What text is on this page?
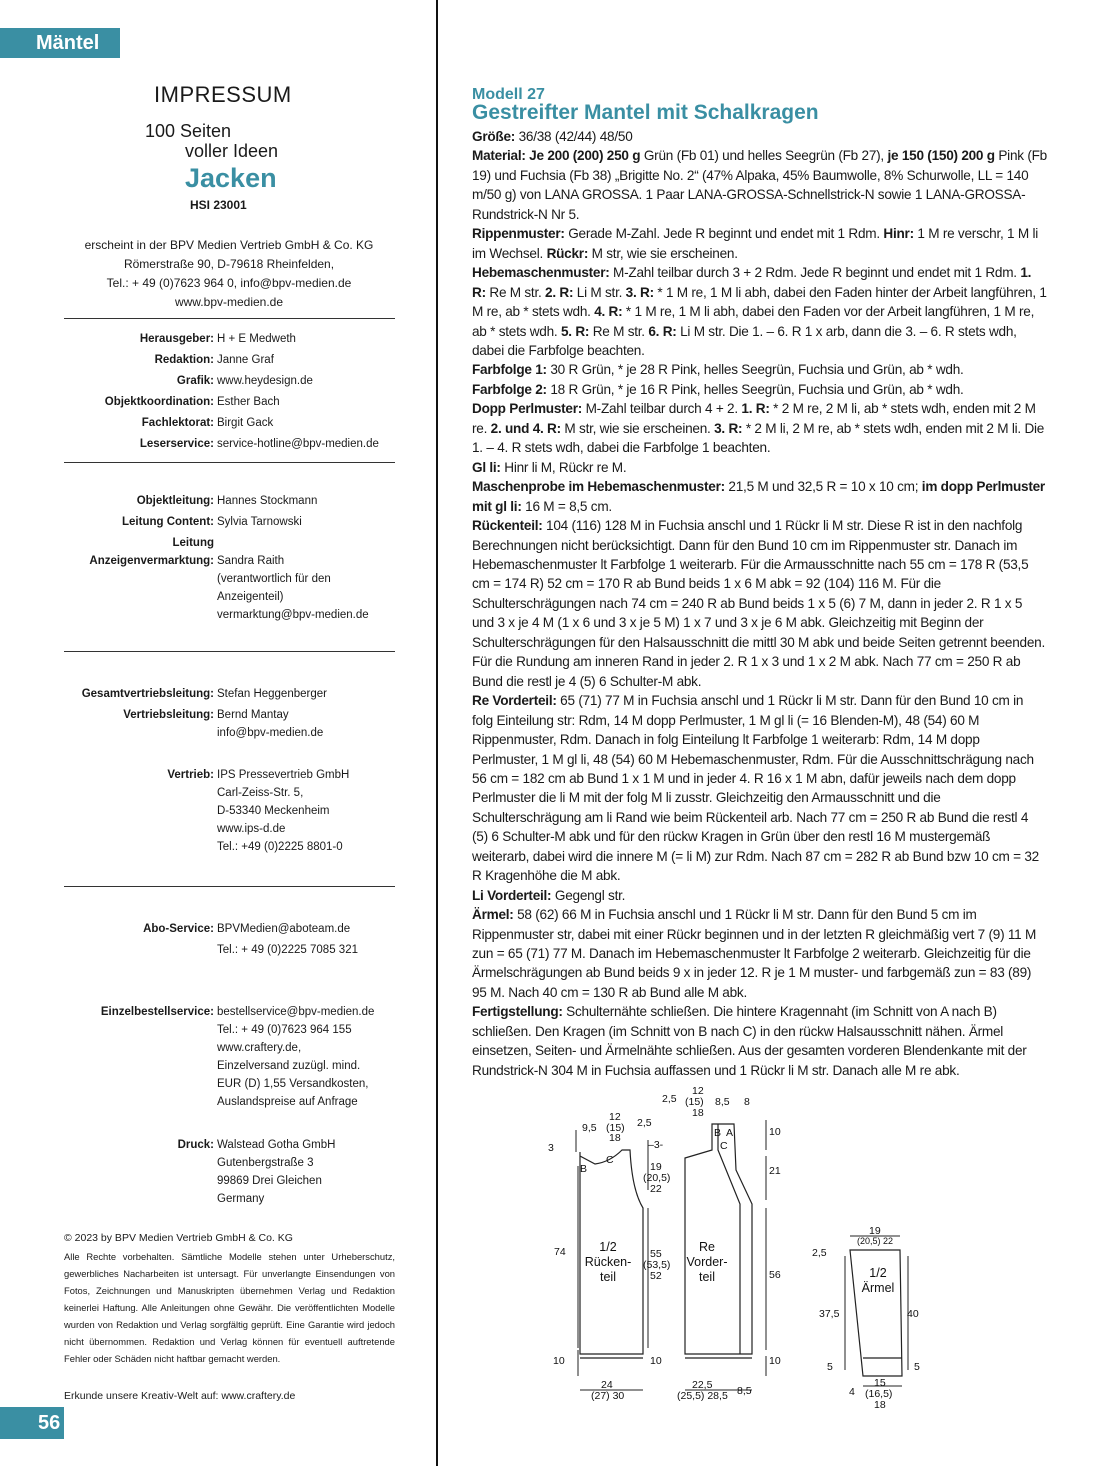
Mäntel
IMPRESSUM
100 Seiten
voller Ideen
Jacken
HSI 23001
erscheint in der BPV Medien Vertrieb GmbH & Co. KG
Römerstraße 90, D-79618 Rheinfelden,
Tel.: + 49 (0)7623 964 0, info@bpv-medien.de
www.bpv-medien.de
Herausgeber: H + E Medweth
Redaktion: Janne Graf
Grafik: www.heydesign.de
Objektkoordination: Esther Bach
Fachlektorat: Birgit Gack
Leserservice: service-hotline@bpv-medien.de
Objektleitung: Hannes Stockmann
Leitung Content: Sylvia Tarnowski
Leitung
Anzeigenvermarktung: Sandra Raith
(verantwortlich für den
Anzeigenteil)
vermarktung@bpv-medien.de
Gesamtvertriebsleitung: Stefan Heggenberger
Vertriebsleitung: Bernd Mantay
info@bpv-medien.de
Vertrieb: IPS Pressevertrieb GmbH
Carl-Zeiss-Str. 5,
D-53340 Meckenheim
www.ips-d.de
Tel.: +49 (0)2225 8801-0
Abo-Service: BPVMedien@aboteam.de
Tel.: + 49 (0)2225 7085 321
Einzelbestellservice: bestellservice@bpv-medien.de
Tel.: + 49 (0)7623 964 155
www.craftery.de,
Einzelversand zuzügl. mind.
EUR (D) 1,55 Versandkosten,
Auslandspreise auf Anfrage
Druck: Walstead Gotha GmbH
Gutenbergstraße 3
99869 Drei Gleichen
Germany
© 2023 by BPV Medien Vertrieb GmbH & Co. KG
Alle Rechte vorbehalten. Sämtliche Modelle stehen unter Urheberschutz, gewerbliches Nacharbeiten ist untersagt. Für unverlangte Einsendungen von Fotos, Zeichnungen und Manuskripten übernehmen Verlag und Redaktion keinerlei Haftung. Alle Anleitungen ohne Gewähr. Die veröffentlichten Modelle wurden von Redaktion und Verlag sorgfältig geprüft. Eine Garantie wird jedoch nicht übernommen. Redaktion und Verlag können für eventuell auftretende Fehler oder Schäden nicht haftbar gemacht werden.
Erkunde unsere Kreativ-Welt auf: www.craftery.de
56
Modell 27
Gestreifter Mantel mit Schalkragen

Größe: 36/38 (42/44) 48/50

Material: Je 200 (200) 250 g Grün (Fb 01) und helles Seegrün (Fb 27), je 150 (150) 200 g Pink (Fb 19) und Fuchsia (Fb 38) „Brigitte No. 2“ (47% Alpaka, 45% Baumwolle, 8% Schurwolle, LL = 140 m/50 g) von LANA GROSSA. 1 Paar LANA-GROSSA-Schnellstrick-N sowie 1 LANA-GROSSA-Rundstrick-N Nr 5.

Rippenmuster: Gerade M-Zahl. Jede R beginnt und endet mit 1 Rdm. Hinr: 1 M re verschr, 1 M li im Wechsel. Rückr: M str, wie sie erscheinen.

Hebemaschenmuster: M-Zahl teilbar durch 3 + 2 Rdm. Jede R beginnt und endet mit 1 Rdm. 1. R: Re M str. 2. R: Li M str. 3. R: * 1 M re, 1 M li abh, dabei den Faden hinter der Arbeit langführen, 1 M re, ab * stets wdh. 4. R: * 1 M re, 1 M li abh, dabei den Faden vor der Arbeit langführen, 1 M re, ab * stets wdh. 5. R: Re M str. 6. R: Li M str. Die 1. – 6. R 1 x arb, dann die 3. – 6. R stets wdh, dabei die Farbfolge beachten.

Farbfolge 1: 30 R Grün, * je 28 R Pink, helles Seegrün, Fuchsia und Grün, ab * wdh.

Farbfolge 2: 18 R Grün, * je 16 R Pink, helles Seegrün, Fuchsia und Grün, ab * wdh.

Dopp Perlmuster: M-Zahl teilbar durch 4 + 2. 1. R: * 2 M re, 2 M li, ab * stets wdh, enden mit 2 M re. 2. und 4. R: M str, wie sie erscheinen. 3. R: * 2 M li, 2 M re, ab * stets wdh, enden mit 2 M li. Die 1. – 4. R stets wdh, dabei die Farbfolge 1 beachten.

Gl li: Hinr li M, Rückr re M.

Maschenprobe im Hebemaschenmuster: 21,5 M und 32,5 R = 10 x 10 cm; im dopp Perlmuster mit gl li: 16 M = 8,5 cm.

Rückenteil: 104 (116) 128 M in Fuchsia anschl und 1 Rückr li M str. Diese R ist in den nachfolg Berechnungen nicht berücksichtigt. Dann für den Bund 10 cm im Rippenmuster str. Danach im Hebemaschenmuster lt Farbfolge 1 weiterarb. Für die Armausschnitte nach 55 cm = 178 R (53,5 cm = 174 R) 52 cm = 170 R ab Bund beids 1 x 6 M abk = 92 (104) 116 M. Für die Schulterschrägungen nach 74 cm = 240 R ab Bund beids 1 x 5 (6) 7 M, dann in jeder 2. R 1 x 5 und 3 x je 4 M (1 x 6 und 3 x je 5 M) 1 x 7 und 3 x je 6 M abk. Gleichzeitig mit Beginn der Schulterschrägungen für den Halsausschnitt die mittl 30 M abk und beide Seiten getrennt beenden. Für die Rundung am inneren Rand in jeder 2. R 1 x 3 und 1 x 2 M abk. Nach 77 cm = 250 R ab Bund die restl je 4 (5) 6 Schulter-M abk.

Re Vorderteil: 65 (71) 77 M in Fuchsia anschl und 1 Rückr li M str. Dann für den Bund 10 cm in folg Einteilung str: Rdm, 14 M dopp Perlmuster, 1 M gl li (= 16 Blenden-M), 48 (54) 60 M Rippenmuster, Rdm. Danach in folg Einteilung lt Farbfolge 1 weiterarb: Rdm, 14 M dopp Perlmuster, 1 M gl li, 48 (54) 60 M Hebemaschenmuster, Rdm. Für die Ausschnittschrägung nach 56 cm = 182 cm ab Bund 1 x 1 M und in jeder 4. R 16 x 1 M abn, dafür jeweils nach dem dopp Perlmuster die li M mit der folg M li zusstr. Gleichzeitig den Armausschnitt und die Schulterschrägung am li Rand wie beim Rückenteil arb. Nach 77 cm = 250 R ab Bund die restl 4 (5) 6 Schulter-M abk und für den rückw Kragen in Grün über den restl 16 M mustergemäß weiterarb, dabei wird die innere M (= li M) zur Rdm. Nach 87 cm = 282 R ab Bund bzw 10 cm = 32 R Kragenhöhe die M abk.

Li Vorderteil: Gegengl str.

Ärmel: 58 (62) 66 M in Fuchsia anschl und 1 Rückr li M str. Dann für den Bund 5 cm im Rippenmuster str, dabei mit einer Rückr beginnen und in der letzten R gleichmäßig vert 7 (9) 11 M zun = 65 (71) 77 M. Danach im Hebemaschenmuster lt Farbfolge 2 weiterarb. Gleichzeitig für die Ärmelschrägungen ab Bund beids 9 x in jeder 12. R je 1 M muster- und farbgemäß zun = 83 (89) 95 M. Nach 40 cm = 130 R ab Bund alle M abk.

Fertigstellung: Schulternähte schließen. Die hintere Kragennaht (im Schnitt von A nach B) schließen. Den Kragen (im Schnitt von B nach C) in den rückw Halsausschnitt nähen. Ärmel einsetzen, Seiten- und Ärmelnähte schließen. Aus der gesamten vorderen Blendenkante mit der Rundstrick-N 304 M in Fuchsia auffassen und 1 Rückr li M str. Danach alle M re abk.

9,5
12
(15)
18
2,5
3	–3-
19
(20,5)
22
74	55
(53,5)
52
10	10
24
(27) 30
B
C
2,5
12
(15)
18
8,5 8
B A
C
10
21
56
10
22,5
(25,5) 28,5 8,5
19
(20,5) 22
2,5
37,5	40
5	5
15
(16,5)
18
4
1/2
Rücken-
teil
Re
Vorder-
teil	1/2
Ärmel
